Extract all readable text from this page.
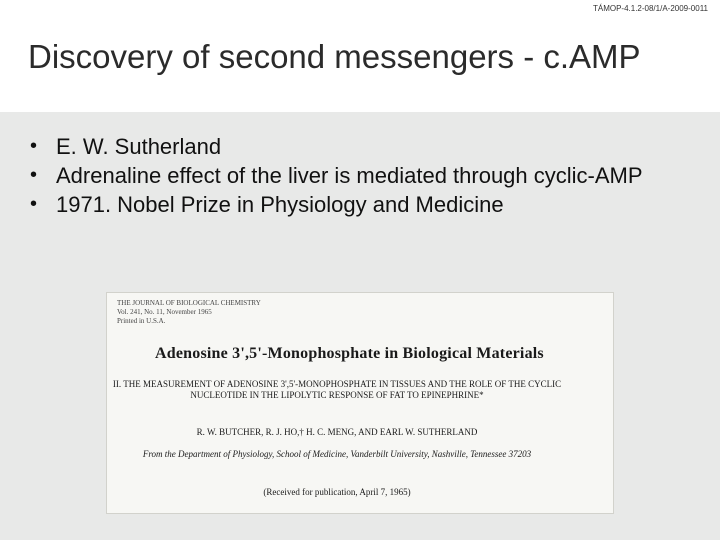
TÁMOP-4.1.2-08/1/A-2009-0011
Discovery of second messengers - c.AMP
• E. W. Sutherland
• Adrenaline effect of the liver is mediated through cyclic-AMP
• 1971. Nobel Prize in Physiology and Medicine
THE JOURNAL OF BIOLOGICAL CHEMISTRY
Vol. 241, No. 11, November 1965
Printed in U.S.A.
Adenosine 3',5'-Monophosphate in Biological Materials
II. THE MEASUREMENT OF ADENOSINE 3',5'-MONOPHOSPHATE IN TISSUES AND THE ROLE OF THE CYCLIC NUCLEOTIDE IN THE LIPOLYTIC RESPONSE OF FAT TO EPINEPHRINE*
R. W. BUTCHER, R. J. HO,† H. C. MENG, AND EARL W. SUTHERLAND
From the Department of Physiology, School of Medicine, Vanderbilt University, Nashville, Tennessee 37203
(Received for publication, April 7, 1965)
